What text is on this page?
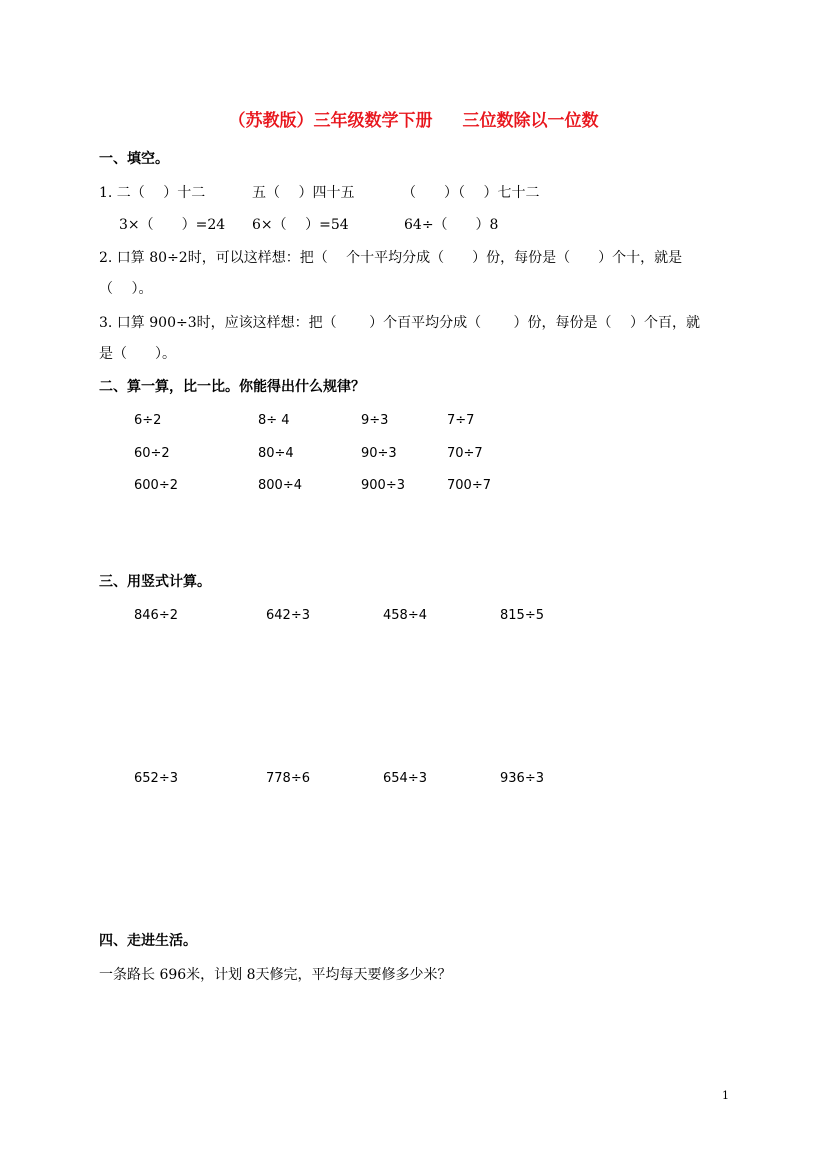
（苏教版）三年级数学下册 三位数除以一位数
一、填空。
1. 二（　 ）十二	五（　 ）四十五	（　　）（　 ）七十二
3×（　　）=24 6×（　 ）=54	64÷（　　）8
2. 口算 80÷2时，可以这样想：把（　 个十平均分成（　　）份，每份是（　　）个十，就是
（　 ）。
3. 口算 900÷3时，应该这样想：把（　　 ）个百平均分成（　　 ）份，每份是（　 ）个百，就
是（　　）。
二、算一算，比一比。你能得出什么规律？
6÷2	8÷ 4	9÷3	7÷7
60÷2	80÷4	90÷3	70÷7
600÷2	800÷4	900÷3	700÷7
三、用竖式计算。
846÷2	642÷3	458÷4	815÷5
652÷3	778÷6	654÷3	936÷3
四、走进生活。
一条路长 696米，计划 8天修完，平均每天要修多少米？
1
